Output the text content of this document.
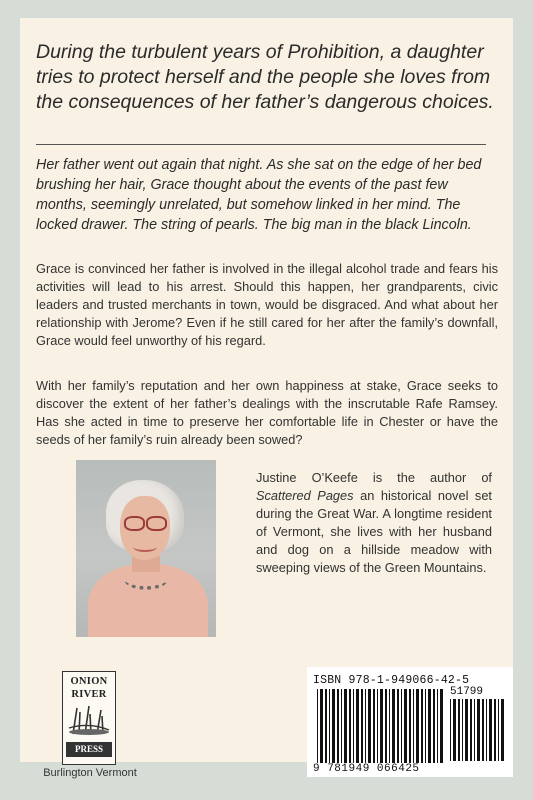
During the turbulent years of Prohibition, a daughter tries to protect herself and the people she loves from the consequences of her father’s dangerous choices.
Her father went out again that night. As she sat on the edge of her bed brushing her hair, Grace thought about the events of the past few months, seemingly unrelated, but somehow linked in her mind. The locked drawer. The string of pearls. The big man in the black Lincoln.
Grace is convinced her father is involved in the illegal alcohol trade and fears his activities will lead to his arrest. Should this happen, her grandparents, civic leaders and trusted merchants in town, would be disgraced. And what about her relationship with Jerome? Even if he still cared for her after the family’s downfall, Grace would feel unworthy of his regard.
With her family’s reputation and her own happiness at stake, Grace seeks to discover the extent of her father’s dealings with the inscrutable Rafe Ramsey. Has she acted in time to preserve her comfortable life in Chester or have the seeds of her family’s ruin already been sowed?
Justine O’Keefe is the author of Scattered Pages an historical novel set during the Great War. A longtime resident of Vermont, she lives with her husband and dog on a hillside meadow with sweeping views of the Green Mountains.
ONION
RIVER
PRESS
Burlington Vermont
ISBN 978-1-949066-42-5
51799
9 781949 066425
